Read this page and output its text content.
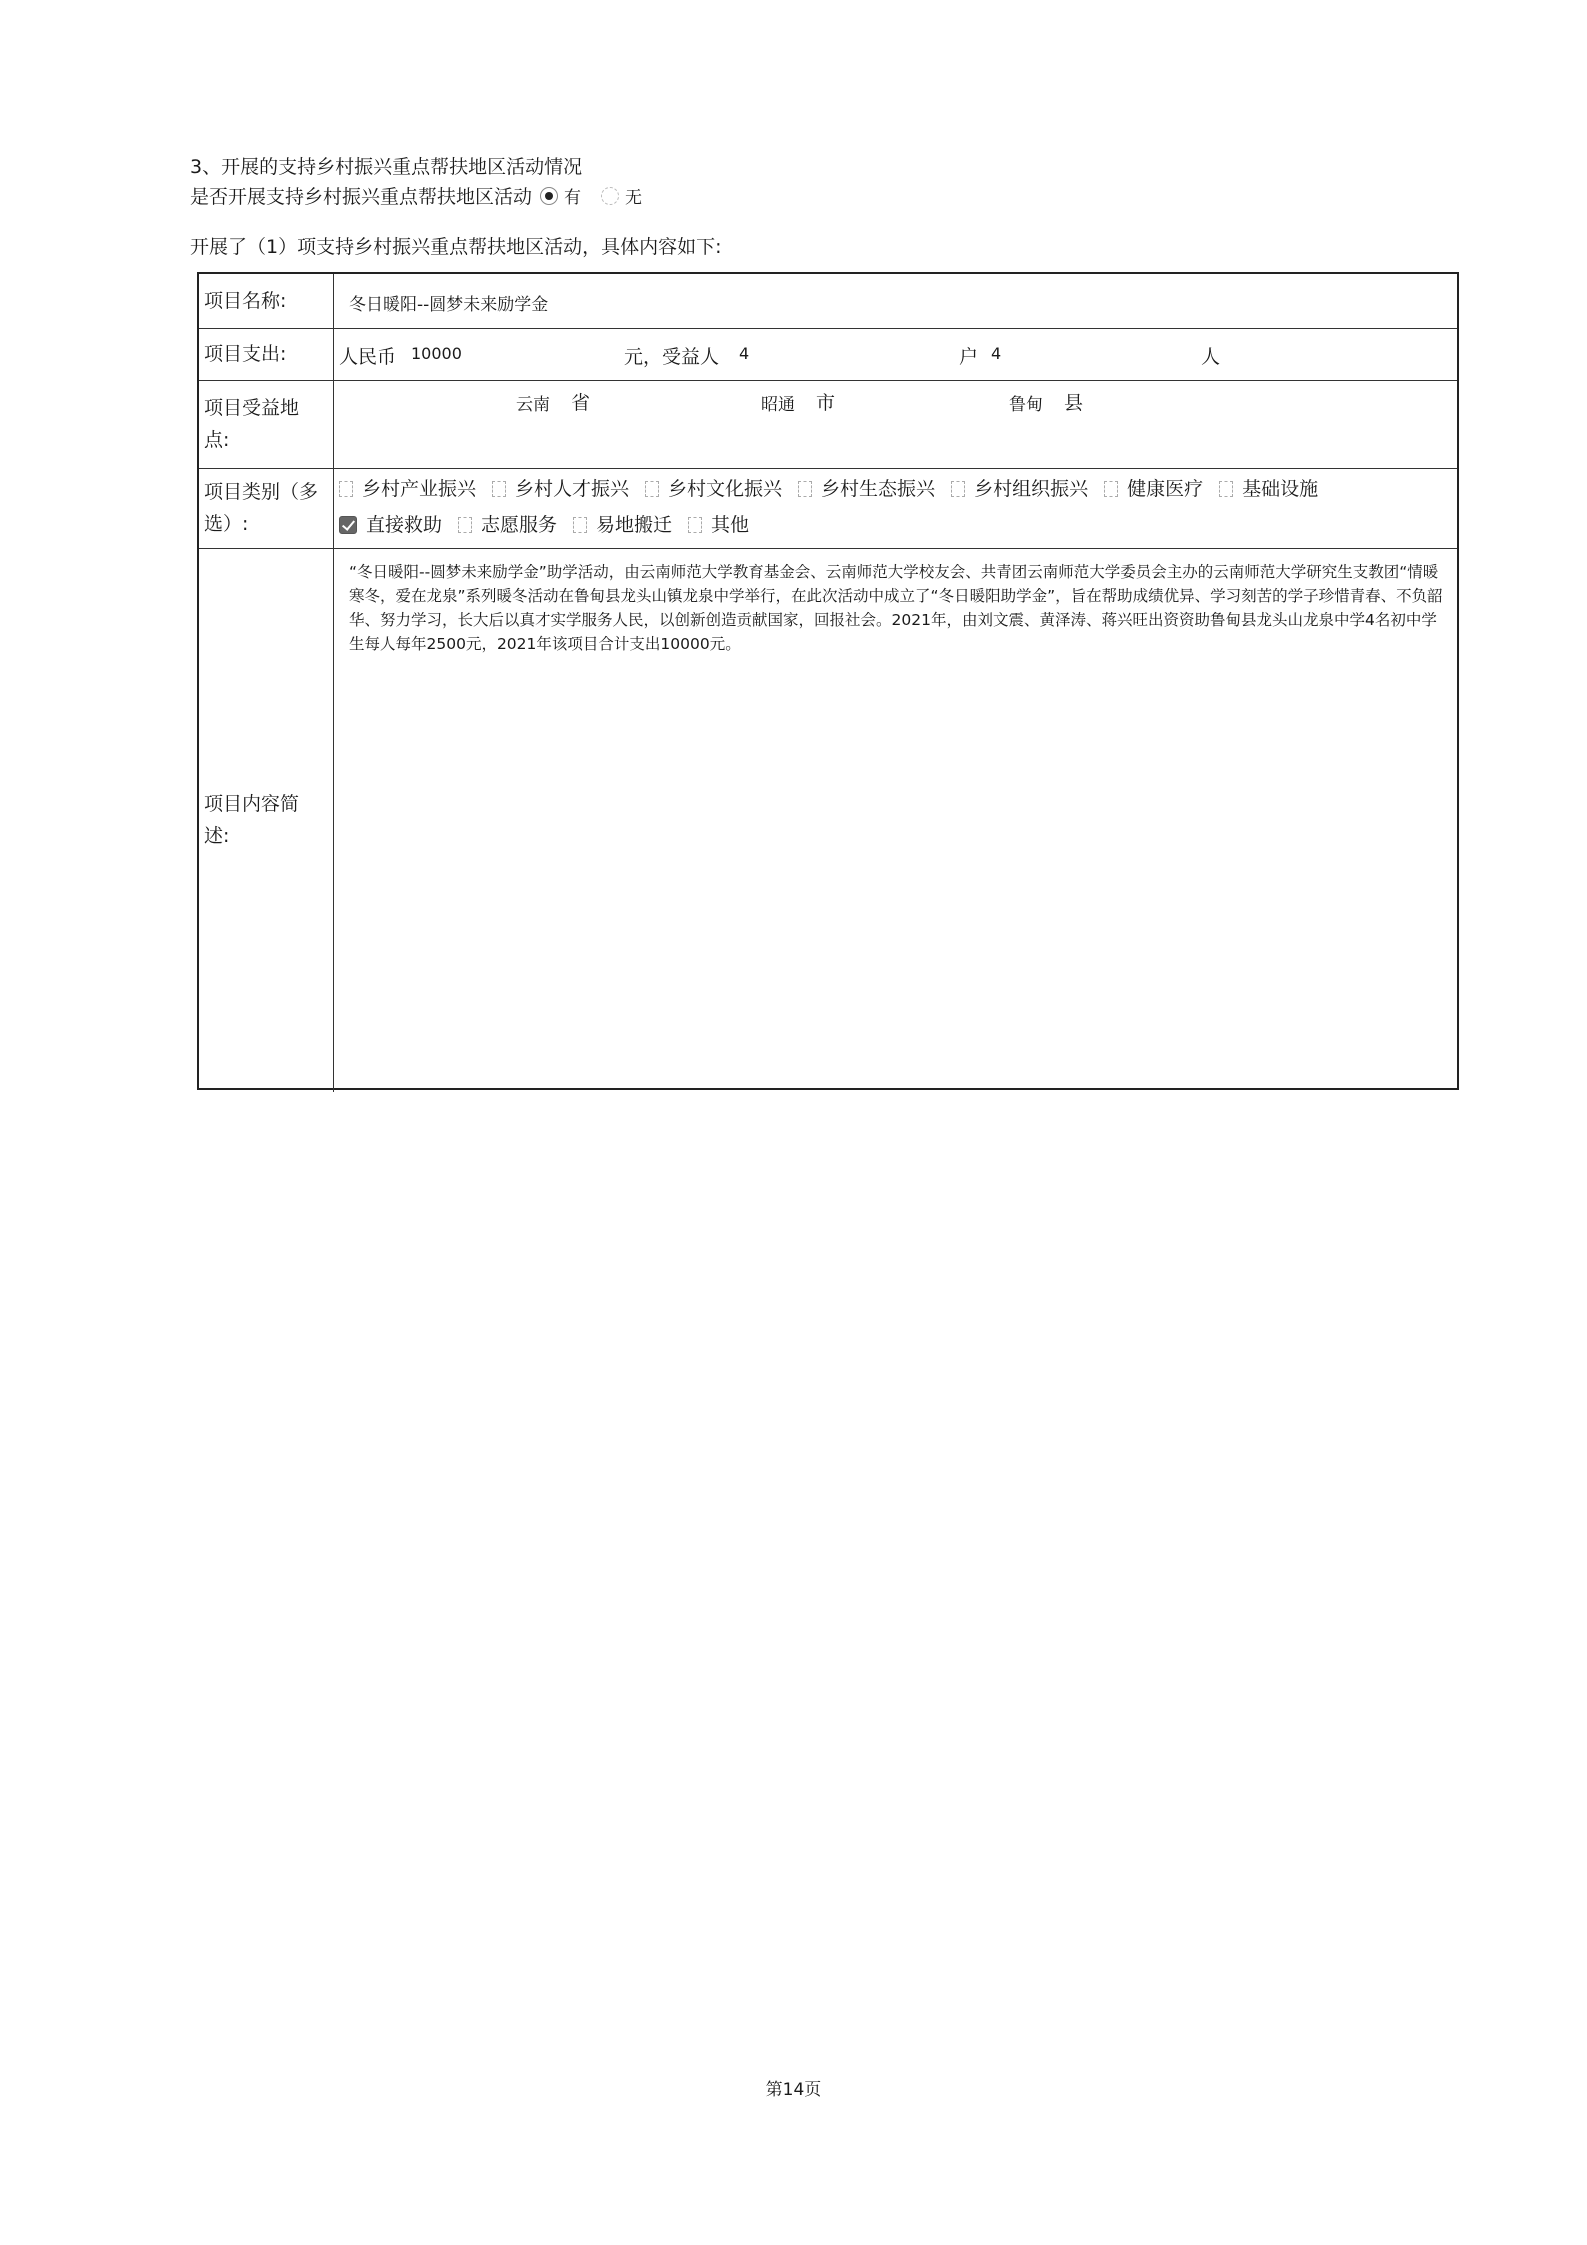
3、开展的支持乡村振兴重点帮扶地区活动情况
是否开展支持乡村振兴重点帮扶地区活动 有	无
开展了（1）项支持乡村振兴重点帮扶地区活动，具体内容如下:
项目名称:	冬日暖阳--圆梦未来励学金
项目支出:	人民币 10000	元，受益人 4	户 4	人
项目受益地
点:
云南 省	昭通 市	鲁甸 县
项目类别（多
选）:
乡村产业振兴	乡村人才振兴	乡村文化振兴	乡村生态振兴	乡村组织振兴	健康医疗	基础设施
直接救助	志愿服务	易地搬迁	其他
项目内容简
述:
“冬日暖阳--圆梦未来励学金”助学活动，由云南师范大学教育基金会、云南师范大学校友会、共青团云南师范大学委员会主办的云南师范大学研究生支教团“情暖寒冬，爱在龙泉”系列暖冬活动在鲁甸县龙头山镇龙泉中学举行，在此次活动中成立了“冬日暖阳助学金”，旨在帮助成绩优异、学习刻苦的学子珍惜青春、不负韶华、努力学习，长大后以真才实学服务人民，以创新创造贡献国家，回报社会。2021年，由刘文震、黄泽涛、蒋兴旺出资资助鲁甸县龙头山龙泉中学4名初中学生每人每年2500元，2021年该项目合计支出10000元。
第14页
